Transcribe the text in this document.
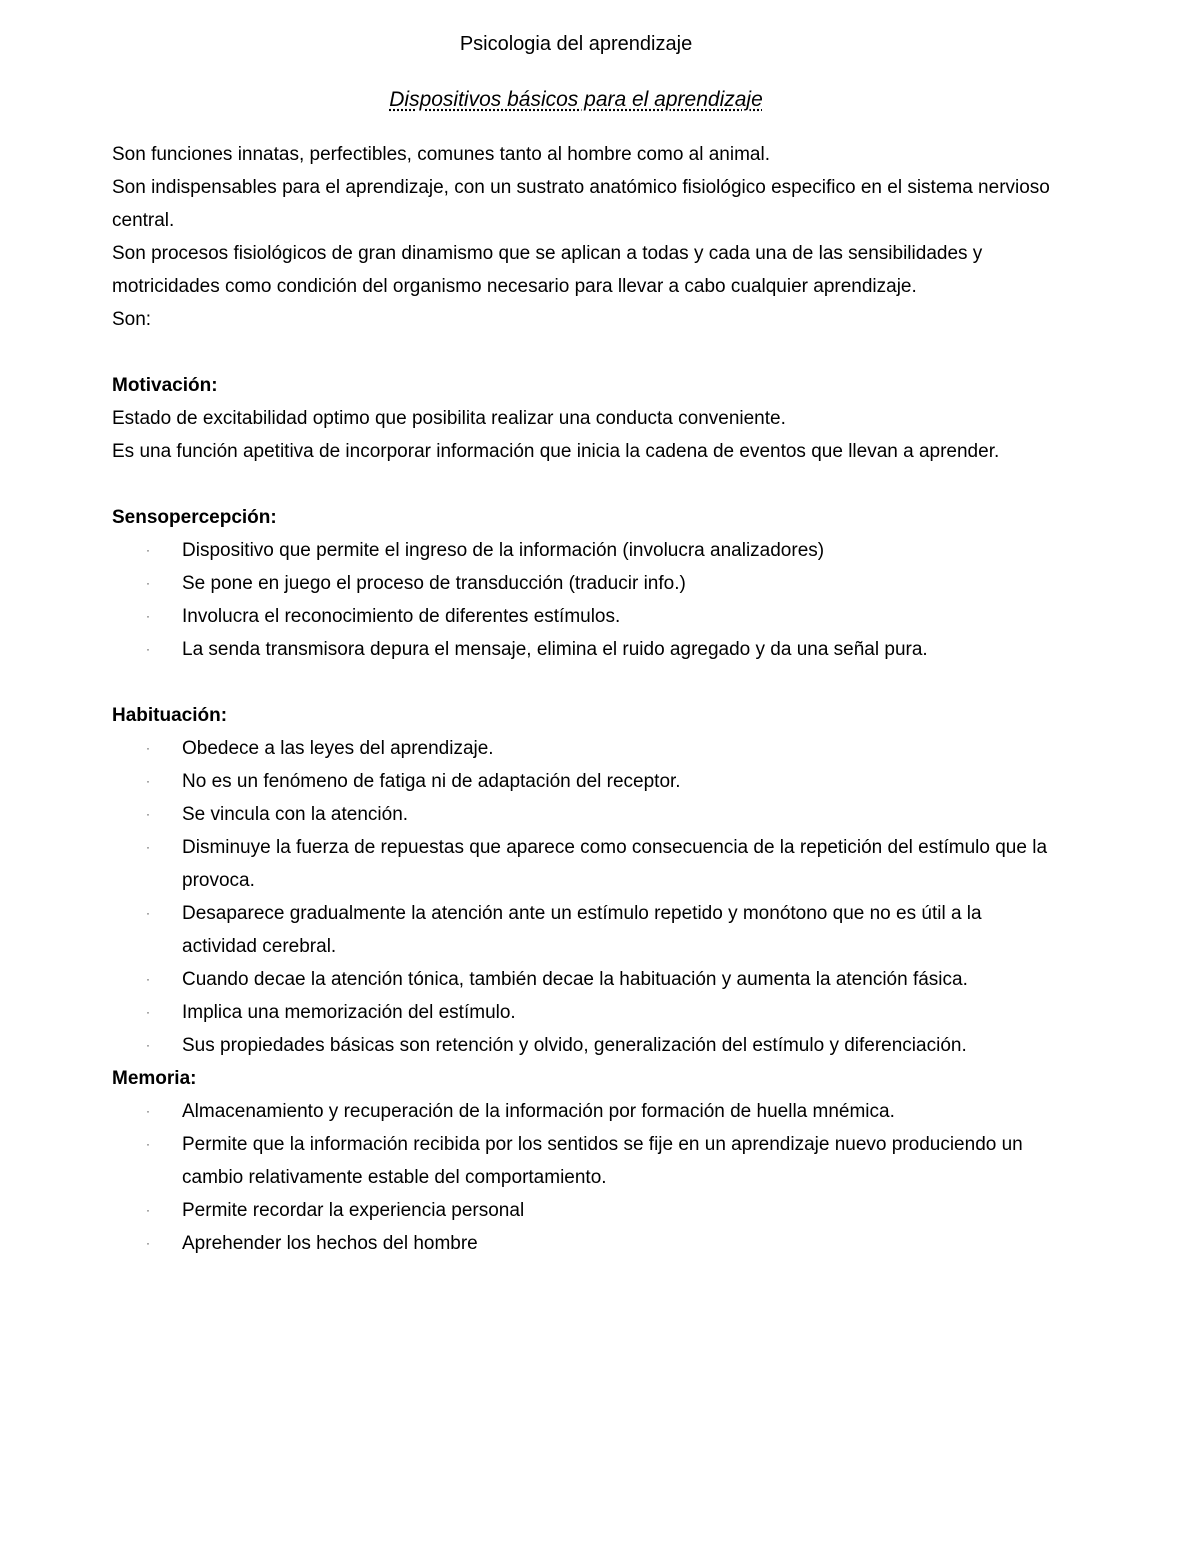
Psicologia del aprendizaje
Dispositivos básicos para el aprendizaje

Son funciones innatas, perfectibles, comunes tanto al hombre como al animal.

Son indispensables para el aprendizaje, con un sustrato anatómico fisiológico especifico en el sistema nervioso central.

Son procesos fisiológicos de gran dinamismo que se aplican a todas y cada una de las sensibilidades y motricidades como condición del organismo necesario para llevar a cabo cualquier aprendizaje.

Son:

Motivación:

Estado de excitabilidad optimo que posibilita realizar una conducta conveniente.

Es una función apetitiva de incorporar información que inicia la cadena de eventos que llevan a aprender.

Sensopercepción:

· Dispositivo que permite el ingreso de la información (involucra analizadores)
· Se pone en juego el proceso de transducción (traducir info.)
· Involucra el reconocimiento de diferentes estímulos.
· La senda transmisora depura el mensaje, elimina el ruido agregado y da una señal pura.

Habituación:

· Obedece a las leyes del aprendizaje.
· No es un fenómeno de fatiga ni de adaptación del receptor.
· Se vincula con la atención.
· Disminuye la fuerza de repuestas que aparece como consecuencia de la repetición del estímulo que la provoca.
· Desaparece gradualmente la atención ante un estímulo repetido y monótono que no es útil a la actividad cerebral.
· Cuando decae la atención tónica, también decae la habituación y aumenta la atención fásica.
· Implica una memorización del estímulo.
· Sus propiedades básicas son retención y olvido, generalización del estímulo y diferenciación.

Memoria:

· Almacenamiento y recuperación de la información por formación de huella mnémica.
· Permite que la información recibida por los sentidos se fije en un aprendizaje nuevo produciendo un cambio relativamente estable del comportamiento.
· Permite recordar la experiencia personal
· Aprehender los hechos del hombre
